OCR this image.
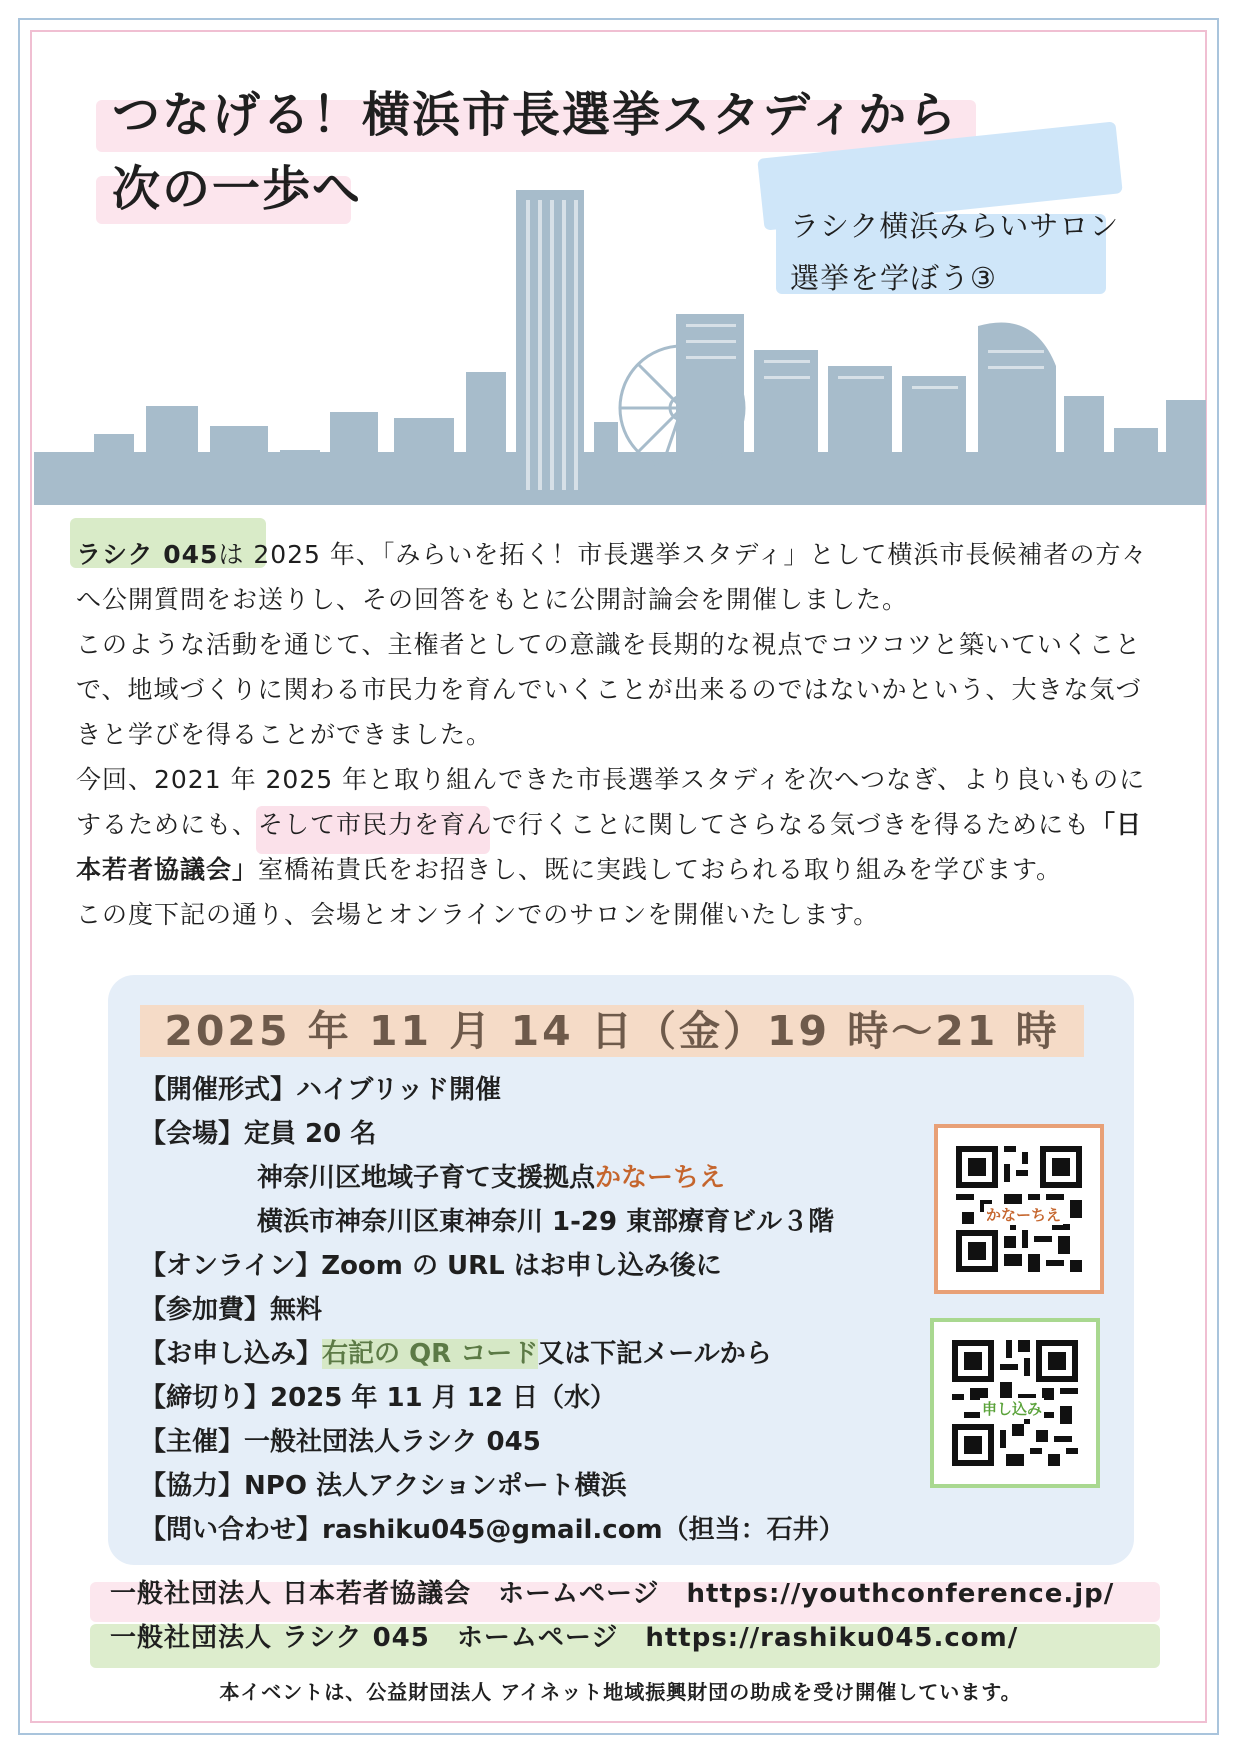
つなげる！横浜市長選挙スタディから
次の一歩へ
ラシク横浜みらいサロン
選挙を学ぼう③

ラシク 045は 2025 年、「みらいを拓く！市長選挙スタディ」として横浜市長候補者の方々へ公開質問をお送りし、その回答をもとに公開討論会を開催しました。

このような活動を通じて、主権者としての意識を長期的な視点でコツコツと築いていくことで、地域づくりに関わる市民力を育んでいくことが出来るのではないかという、大きな気づきと学びを得ることができました。

今回、2021 年 2025 年と取り組んできた市長選挙スタディを次へつなぎ、より良いものにするためにも、そして市民力を育んで行くことに関してさらなる気づきを得るためにも「日本若者協議会」室橋祐貴氏をお招きし、既に実践しておられる取り組みを学びます。

この度下記の通り、会場とオンラインでのサロンを開催いたします。

2025 年 11 月 14 日（金）19 時〜21 時
【開催形式】ハイブリッド開催
【会場】定員 20 名
神奈川区地域子育て支援拠点かなーちえ
横浜市神奈川区東神奈川 1-29 東部療育ビル３階
【オンライン】Zoom の URL はお申し込み後に
【参加費】無料
【お申し込み】右記の QR コード又は下記メールから
【締切り】2025 年 11 月 12 日（水）
【主催】一般社団法人ラシク 045
【協力】NPO 法人アクションポート横浜
【問い合わせ】rashiku045@gmail.com（担当：石井）
かなーちえ
申し込み
一般社団法人 日本若者協議会　ホームページ　https://youthconference.jp/
一般社団法人 ラシク 045　ホームページ　https://rashiku045.com/
本イベントは、公益財団法人 アイネット地域振興財団の助成を受け開催しています。
